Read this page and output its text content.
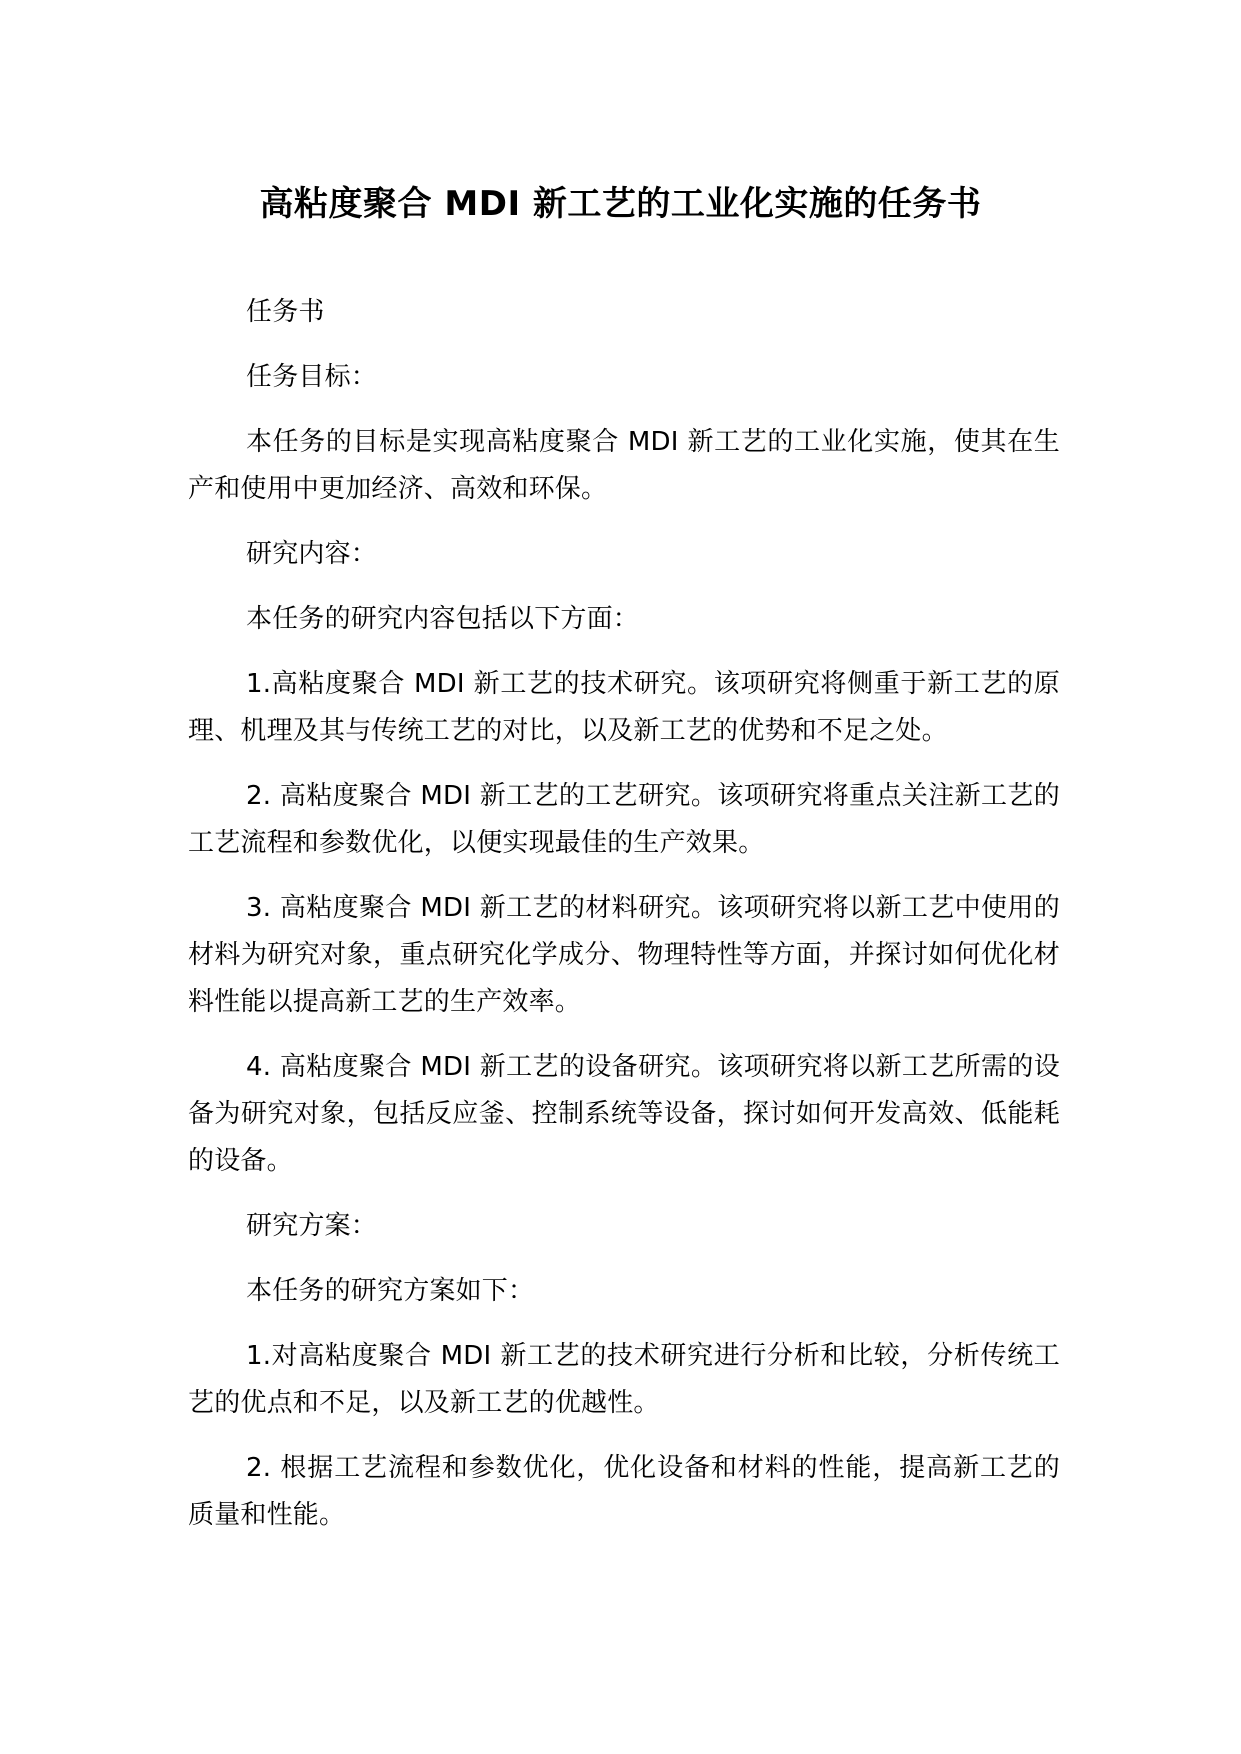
高粘度聚合 MDI 新工艺的工业化实施的任务书

任务书

任务目标：

本任务的目标是实现高粘度聚合 MDI 新工艺的工业化实施，使其在生产和使用中更加经济、高效和环保。

研究内容：

本任务的研究内容包括以下方面：

1.高粘度聚合 MDI 新工艺的技术研究。该项研究将侧重于新工艺的原理、机理及其与传统工艺的对比，以及新工艺的优势和不足之处。

2. 高粘度聚合 MDI 新工艺的工艺研究。该项研究将重点关注新工艺的工艺流程和参数优化，以便实现最佳的生产效果。

3. 高粘度聚合 MDI 新工艺的材料研究。该项研究将以新工艺中使用的材料为研究对象，重点研究化学成分、物理特性等方面，并探讨如何优化材料性能以提高新工艺的生产效率。

4. 高粘度聚合 MDI 新工艺的设备研究。该项研究将以新工艺所需的设备为研究对象，包括反应釜、控制系统等设备，探讨如何开发高效、低能耗的设备。

研究方案：

本任务的研究方案如下：

1.对高粘度聚合 MDI 新工艺的技术研究进行分析和比较，分析传统工艺的优点和不足，以及新工艺的优越性。

2. 根据工艺流程和参数优化，优化设备和材料的性能，提高新工艺的质量和性能。
